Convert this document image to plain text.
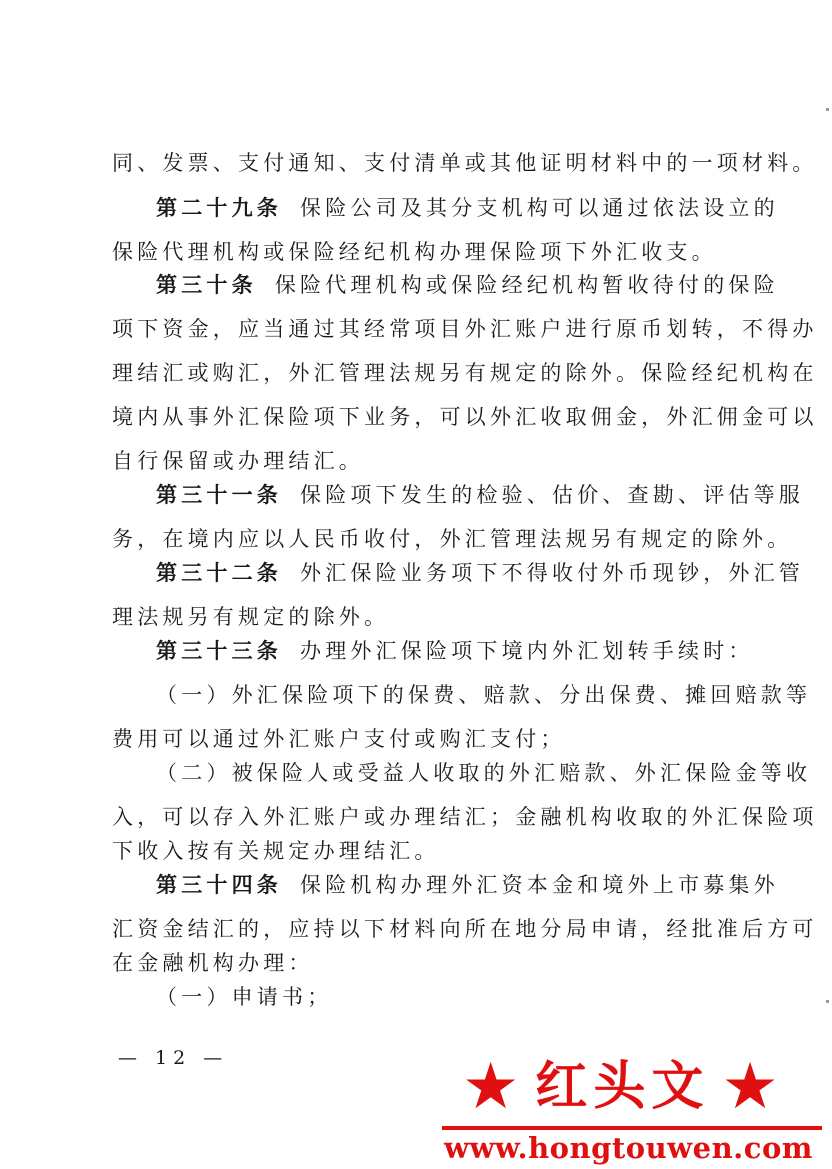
同、发票、支付通知、支付清单或其他证明材料中的一项材料。
第二十九条 保险公司及其分支机构可以通过依法设立的
保险代理机构或保险经纪机构办理保险项下外汇收支。
第三十条 保险代理机构或保险经纪机构暂收待付的保险
项下资金，应当通过其经常项目外汇账户进行原币划转，不得办
理结汇或购汇，外汇管理法规另有规定的除外。保险经纪机构在
境内从事外汇保险项下业务，可以外汇收取佣金，外汇佣金可以
自行保留或办理结汇。
第三十一条 保险项下发生的检验、估价、查勘、评估等服
务，在境内应以人民币收付，外汇管理法规另有规定的除外。
第三十二条 外汇保险业务项下不得收付外币现钞，外汇管
理法规另有规定的除外。
第三十三条 办理外汇保险项下境内外汇划转手续时：
（一）外汇保险项下的保费、赔款、分出保费、摊回赔款等
费用可以通过外汇账户支付或购汇支付；
（二）被保险人或受益人收取的外汇赔款、外汇保险金等收
入，可以存入外汇账户或办理结汇；金融机构收取的外汇保险项
下收入按有关规定办理结汇。
第三十四条 保险机构办理外汇资本金和境外上市募集外
汇资金结汇的，应持以下材料向所在地分局申请，经批准后方可
在金融机构办理：
（一）申请书；
— 12 —	★ 红头文 ★
www.hongtouwen.com
